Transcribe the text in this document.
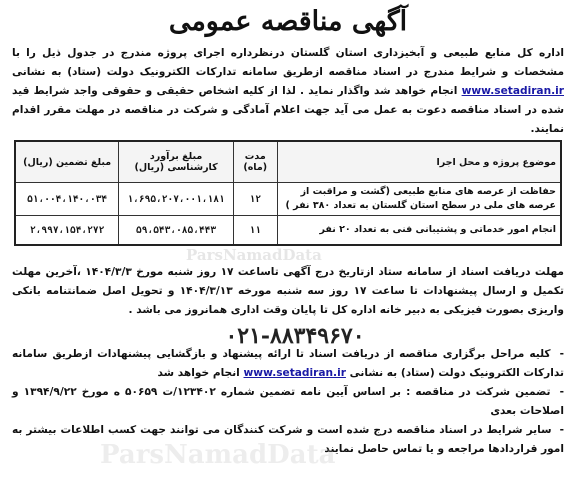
آگهی مناقصه عمومی
اداره کل منابع طبیعی و آبخیزداری استان گلستان درنظرداره اجرای پروژه مندرج در جدول ذیل را با مشخصات و شرایط مندرج در اسناد مناقصه ازطریق سامانه تدارکات الکترونیک دولت (ستاد) به نشانی www.setadiran.ir انجام خواهد شد واگذار نماید . لذا از کلیه اشخاص حقیقی و حقوقی واجد شرایط قید شده در اسناد مناقصه دعوت به عمل می آید جهت اعلام آمادگی و شرکت در مناقصه در مهلت مقرر اقدام نمایند.
موضوع پروژه و محل اجرا	مدت (ماه)	مبلغ برآورد کارشناسی (ریال)	مبلغ تضمین (ریال)
حفاظت از عرصه های منابع طبیعی (گشت و مراقبت از عرصه های ملی در سطح استان گلستان به تعداد ۳۸۰ نفر )	۱۲	۱،۶۹۵،۲۰۷،۰۰۱،۱۸۱	۵۱،۰۰۴،۱۴۰،۰۳۴
انجام امور خدماتی و پشتیبانی فنی به تعداد ۲۰ نفر	۱۱	۵۹،۵۴۳،۰۸۵،۴۴۳	۲،۹۹۷،۱۵۴،۲۷۲
ParsNamadData
مهلت دریافت اسناد از سامانه ستاد ازتاریخ درج آگهی تاساعت ۱۷ روز شنبه مورخ ۱۴۰۴/۳/۳ ،آخرین مهلت تکمیل و ارسال پیشنهادات تا ساعت ۱۷ روز سه شنبه مورخه ۱۴۰۴/۳/۱۳ و تحویل اصل ضمانتنامه بانکی واریزی بصورت فیزیکی به دبیر خانه اداره کل تا پایان وقت اداری همانروز می باشد .
۰۲۱-۸۸۳۴۹۶۷۰
- کلیه مراحل برگزاری مناقصه از دریافت اسناد تا ارائه پیشنهاد و بازگشایی پیشنهادات ازطریق سامانه تدارکات الکترونیک دولت (ستاد) به نشانی www.setadiran.ir انجام خواهد شد
- تضمین شرکت در مناقصه : بر اساس آیین نامه تضمین شماره ۱۲۳۴۰۲/ت ۵۰۶۵۹ ه مورخ ۱۳۹۴/۹/۲۲ و اصلاحات بعدی
- سایر شرایط در اسناد مناقصه درج شده است و شرکت کنندگان می توانند جهت کسب اطلاعات بیشتر به امور قراردادها مراجعه و یا تماس حاصل نمایند
ParsNamadData
